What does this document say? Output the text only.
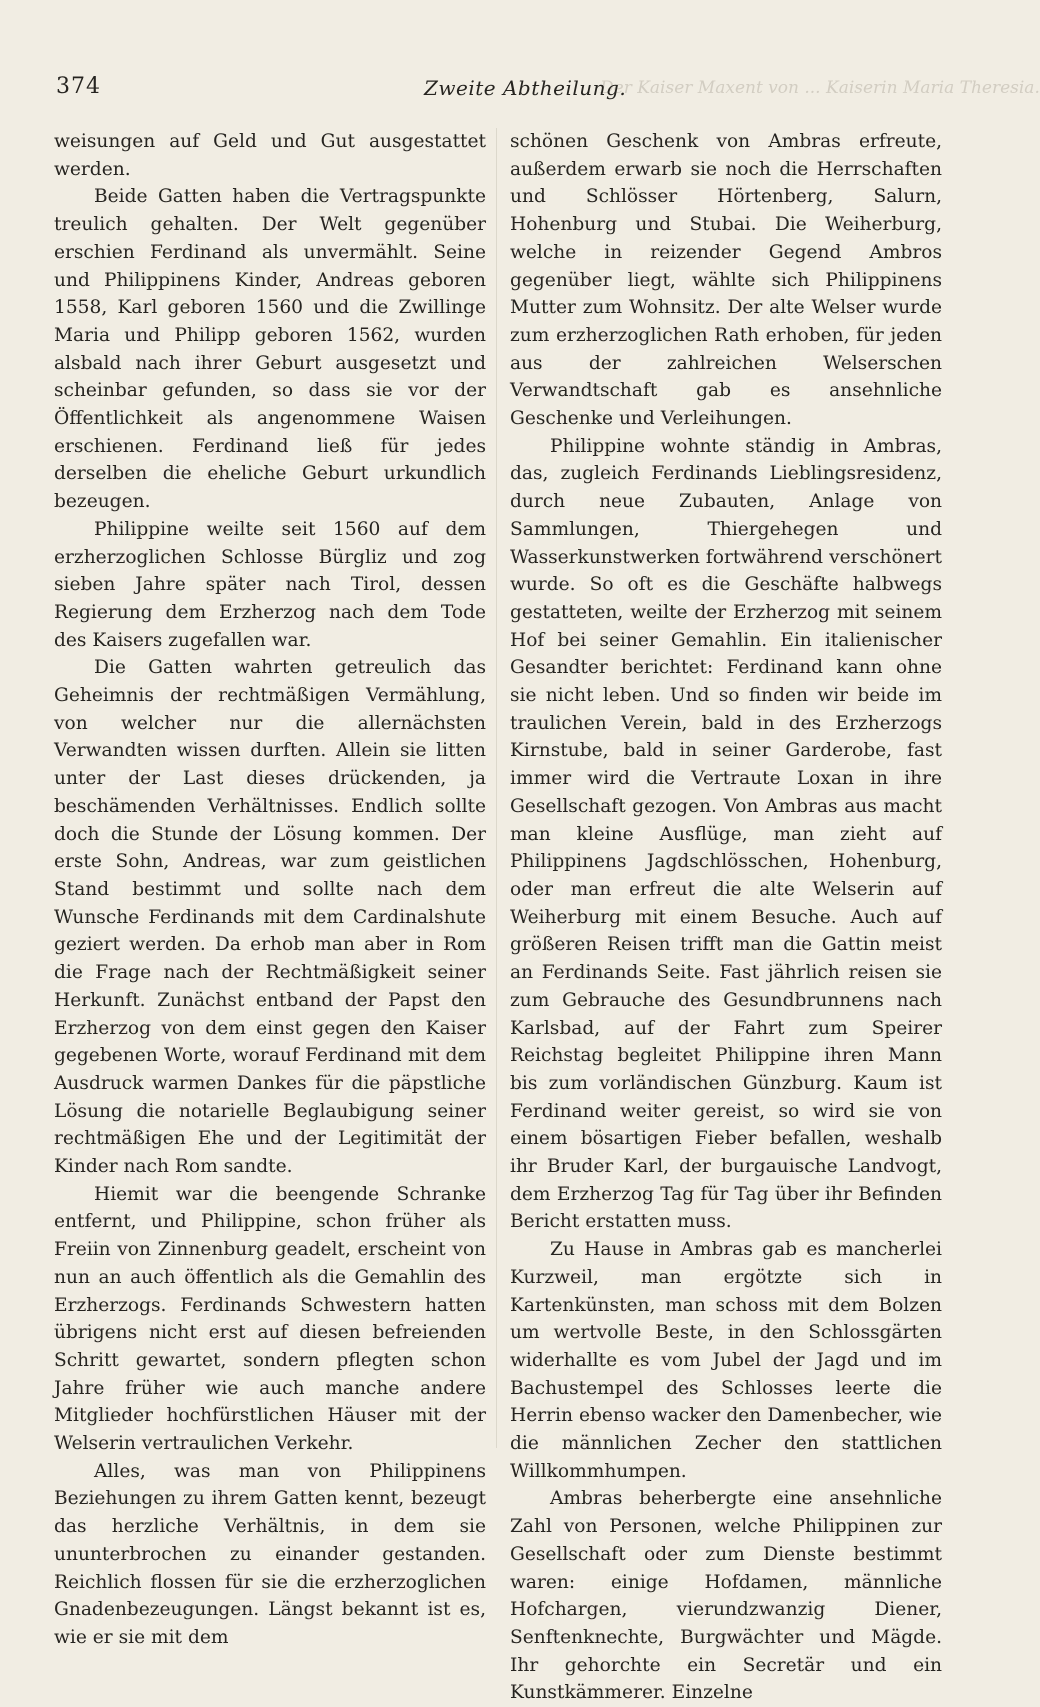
Der Kaiser Maxent von ... Kaiserin Maria Theresia.
374	Zweite Abtheilung.

weisungen auf Geld und Gut ausgestattet werden.

Beide Gatten haben die Vertragspunkte treulich gehalten. Der Welt gegenüber erschien Ferdinand als unvermählt. Seine und Philippinens Kinder, Andreas geboren 1558, Karl geboren 1560 und die Zwillinge Maria und Philipp geboren 1562, wurden alsbald nach ihrer Geburt ausgesetzt und scheinbar gefunden, so dass sie vor der Öffentlichkeit als angenommene Waisen erschienen. Ferdinand ließ für jedes derselben die eheliche Geburt urkundlich bezeugen.

Philippine weilte seit 1560 auf dem erzherzoglichen Schlosse Bürgliz und zog sieben Jahre später nach Tirol, dessen Regierung dem Erzherzog nach dem Tode des Kaisers zugefallen war.

Die Gatten wahrten getreulich das Geheimnis der rechtmäßigen Vermählung, von welcher nur die allernächsten Verwandten wissen durften. Allein sie litten unter der Last dieses drückenden, ja beschämenden Verhältnisses. Endlich sollte doch die Stunde der Lösung kommen. Der erste Sohn, Andreas, war zum geistlichen Stand bestimmt und sollte nach dem Wunsche Ferdinands mit dem Cardinalshute geziert werden. Da erhob man aber in Rom die Frage nach der Rechtmäßigkeit seiner Herkunft. Zunächst entband der Papst den Erzherzog von dem einst gegen den Kaiser gegebenen Worte, worauf Ferdinand mit dem Ausdruck warmen Dankes für die päpstliche Lösung die notarielle Beglaubigung seiner rechtmäßigen Ehe und der Legitimität der Kinder nach Rom sandte.

Hiemit war die beengende Schranke entfernt, und Philippine, schon früher als Freiin von Zinnenburg geadelt, erscheint von nun an auch öffentlich als die Gemahlin des Erzherzogs. Ferdinands Schwestern hatten übrigens nicht erst auf diesen befreienden Schritt gewartet, sondern pflegten schon Jahre früher wie auch manche andere Mitglieder hochfürstlichen Häuser mit der Welserin vertraulichen Verkehr.

Alles, was man von Philippinens Beziehungen zu ihrem Gatten kennt, bezeugt das herzliche Verhältnis, in dem sie ununterbrochen zu einander gestanden. Reichlich flossen für sie die erzherzoglichen Gnadenbezeugungen. Längst bekannt ist es, wie er sie mit dem

schönen Geschenk von Ambras erfreute, außerdem erwarb sie noch die Herrschaften und Schlösser Hörtenberg, Salurn, Hohenburg und Stubai. Die Weiherburg, welche in reizender Gegend Ambros gegenüber liegt, wählte sich Philippinens Mutter zum Wohnsitz. Der alte Welser wurde zum erzherzoglichen Rath erhoben, für jeden aus der zahlreichen Welserschen Verwandtschaft gab es ansehnliche Geschenke und Verleihungen.

Philippine wohnte ständig in Ambras, das, zugleich Ferdinands Lieblingsresidenz, durch neue Zubauten, Anlage von Sammlungen, Thiergehegen und Wasserkunstwerken fortwährend verschönert wurde. So oft es die Geschäfte halbwegs gestatteten, weilte der Erzherzog mit seinem Hof bei seiner Gemahlin. Ein italienischer Gesandter berichtet: Ferdinand kann ohne sie nicht leben. Und so finden wir beide im traulichen Verein, bald in des Erzherzogs Kirnstube, bald in seiner Garderobe, fast immer wird die Vertraute Loxan in ihre Gesellschaft gezogen. Von Ambras aus macht man kleine Ausflüge, man zieht auf Philippinens Jagdschlösschen, Hohenburg, oder man erfreut die alte Welserin auf Weiherburg mit einem Besuche. Auch auf größeren Reisen trifft man die Gattin meist an Ferdinands Seite. Fast jährlich reisen sie zum Gebrauche des Gesundbrunnens nach Karlsbad, auf der Fahrt zum Speirer Reichstag begleitet Philippine ihren Mann bis zum vorländischen Günzburg. Kaum ist Ferdinand weiter gereist, so wird sie von einem bösartigen Fieber befallen, weshalb ihr Bruder Karl, der burgauische Landvogt, dem Erzherzog Tag für Tag über ihr Befinden Bericht erstatten muss.

Zu Hause in Ambras gab es mancherlei Kurzweil, man ergötzte sich in Kartenkünsten, man schoss mit dem Bolzen um wertvolle Beste, in den Schlossgärten widerhallte es vom Jubel der Jagd und im Bachustempel des Schlosses leerte die Herrin ebenso wacker den Damenbecher, wie die männlichen Zecher den stattlichen Willkommhumpen.

Ambras beherbergte eine ansehnliche Zahl von Personen, welche Philippinen zur Gesellschaft oder zum Dienste bestimmt waren: einige Hofdamen, männliche Hofchargen, vierundzwanzig Diener, Senftenknechte, Burgwächter und Mägde. Ihr gehorchte ein Secretär und ein Kunstkämmerer. Einzelne
